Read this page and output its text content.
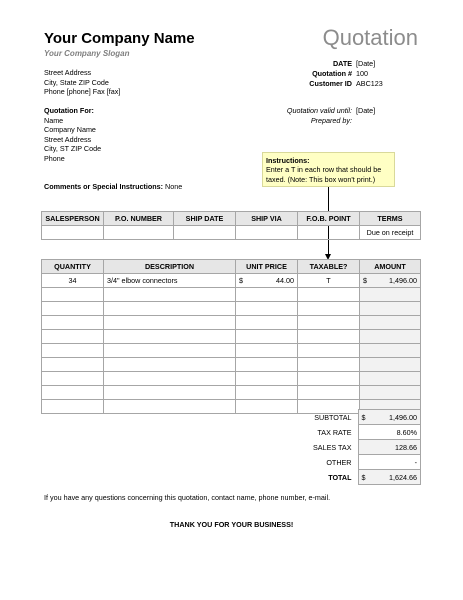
Your Company Name
Your Company Slogan
Quotation
Street Address
City, State ZIP Code
Phone [phone] Fax [fax]
DATE [Date]
Quotation # 100
Customer ID ABC123
Quotation valid until: [Date]
Prepared by:
Quotation For:
Name
Company Name
Street Address
City, ST ZIP Code
Phone	Instructions:
Enter a T in each row that should be
taxed. (Note: This box won't print.)
Comments or Special Instructions: None
SALESPERSON	P.O. NUMBER	SHIP DATE	SHIP VIA	F.O.B. POINT	TERMS
					Due on receipt
QUANTITY	DESCRIPTION	UNIT PRICE	TAXABLE?	AMOUNT
34	3/4" elbow connectors	$ 44.00	T	$ 1,496.00

SUBTOTAL	$ 1,496.00

TAX RATE	8.60%
SALES TAX	128.66
OTHER	-
TOTAL	$ 1,624.66
If you have any questions concerning this quotation, contact name, phone number, e-mail.
THANK YOU FOR YOUR BUSINESS!
